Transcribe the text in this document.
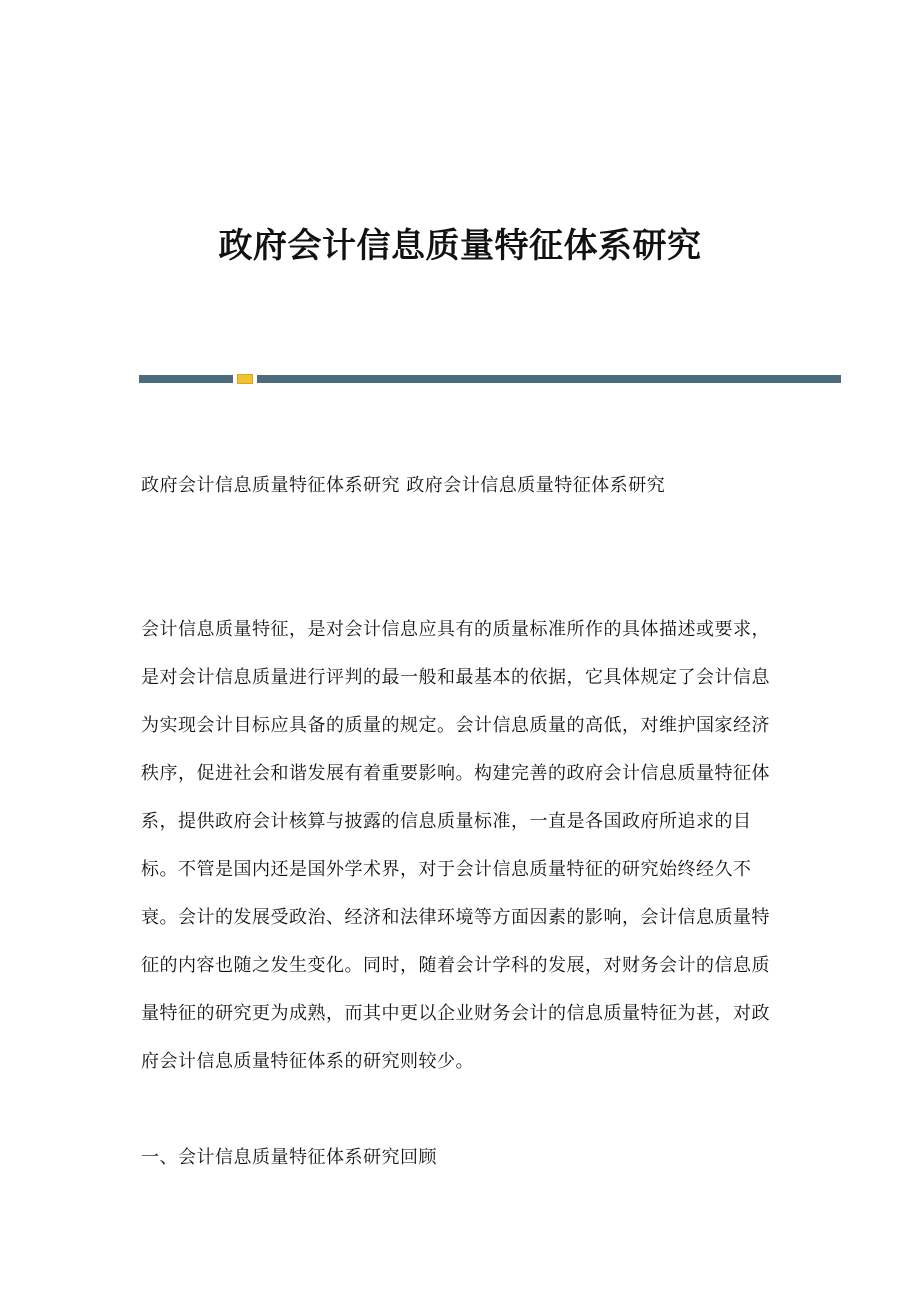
政府会计信息质量特征体系研究
政府会计信息质量特征体系研究 政府会计信息质量特征体系研究
会计信息质量特征，是对会计信息应具有的质量标准所作的具体描述或要求，
是对会计信息质量进行评判的最一般和最基本的依据，它具体规定了会计信息
为实现会计目标应具备的质量的规定。会计信息质量的高低，对维护国家经济
秩序，促进社会和谐发展有着重要影响。构建完善的政府会计信息质量特征体
系，提供政府会计核算与披露的信息质量标准，一直是各国政府所追求的目
标。不管是国内还是国外学术界，对于会计信息质量特征的研究始终经久不
衰。会计的发展受政治、经济和法律环境等方面因素的影响，会计信息质量特
征的内容也随之发生变化。同时，随着会计学科的发展，对财务会计的信息质
量特征的研究更为成熟，而其中更以企业财务会计的信息质量特征为甚，对政
府会计信息质量特征体系的研究则较少。
一、会计信息质量特征体系研究回顾
